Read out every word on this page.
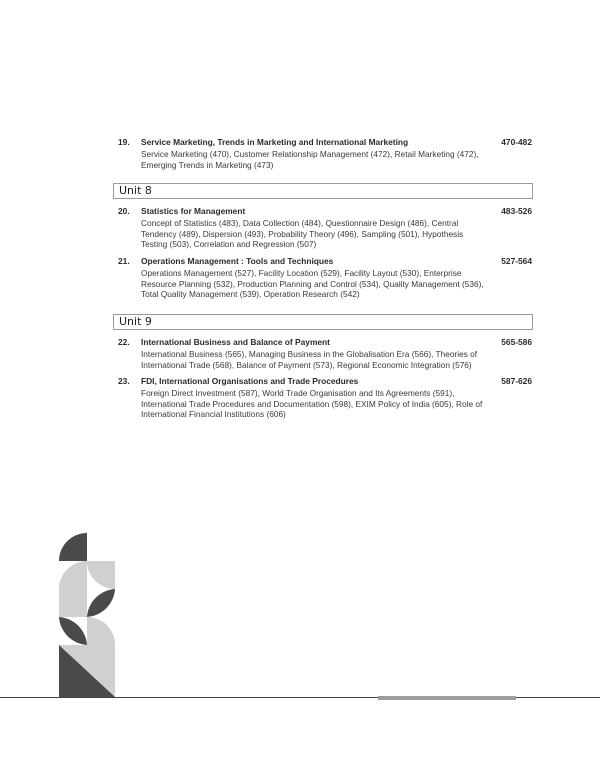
19.	Service Marketing, Trends in Marketing and International Marketing	470-482
Service Marketing (470), Customer Relationship Management (472), Retail Marketing (472), Emerging Trends in Marketing (473)
Unit 8
20.	Statistics for Management	483-526
Concept of Statistics (483), Data Collection (484), Questionnaire Design (486), Central Tendency (489), Dispersion (493), Probability Theory (496), Sampling (501), Hypothesis Testing (503), Correlation and Regression (507)
21.	Operations Management : Tools and Techniques	527-564
Operations Management (527), Facility Location (529), Facility Layout (530), Enterprise Resource Planning (532), Production Planning and Control (534), Quality Management (536), Total Quality Management (539), Operation Research (542)
Unit 9
22.	International Business and Balance of Payment	565-586
International Business (565), Managing Business in the Globalisation Era (566), Theories of International Trade (568), Balance of Payment (573), Regional Economic Integration (576)
23.	FDI, International Organisations and Trade Procedures	587-626
Foreign Direct Investment (587), World Trade Organisation and Its Agreements (591), International Trade Procedures and Documentation (598), EXIM Policy of India (605), Role of International Financial Institutions (606)
